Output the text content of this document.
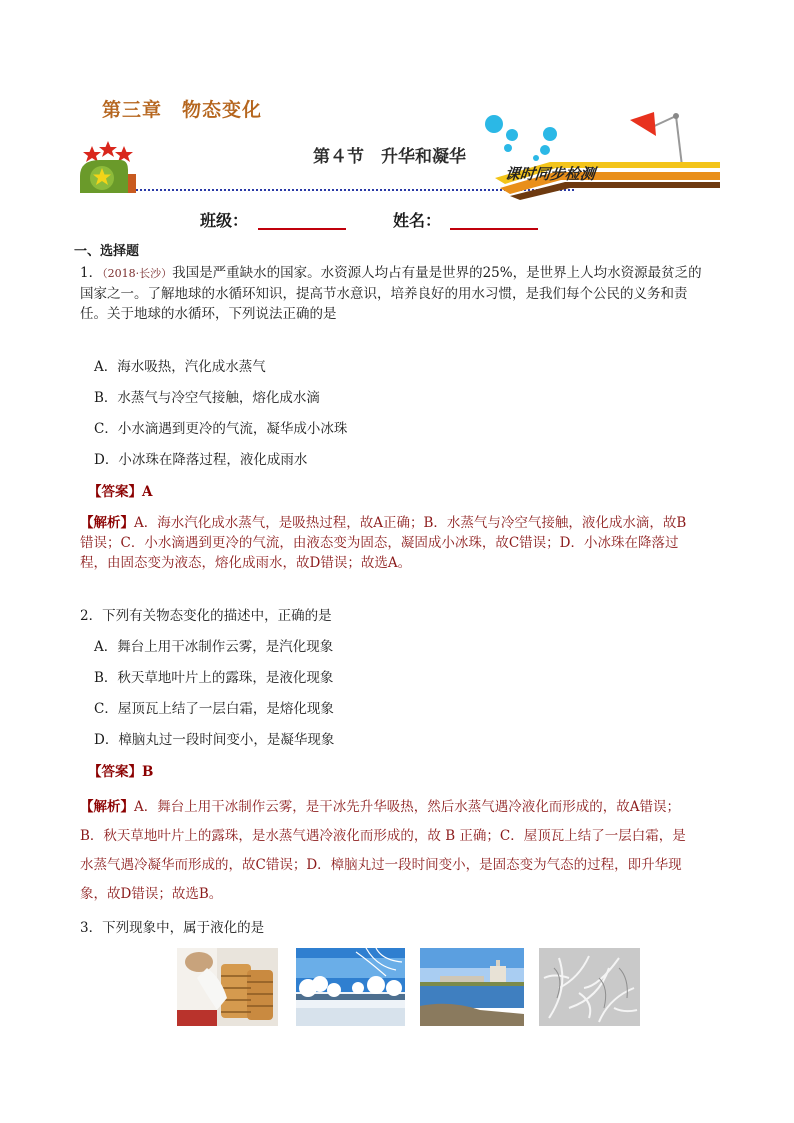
第三章　物态变化
第４节　升华和凝华
课时同步检测
班级：	姓名：
一、选择题
1．（2018·长沙）我国是严重缺水的国家。水资源人均占有量是世界的25%，是世界上人均水资源最贫乏的
国家之一。了解地球的水循环知识，提高节水意识，培养良好的用水习惯，是我们每个公民的义务和责
任。关于地球的水循环，下列说法正确的是
A．海水吸热，汽化成水蒸气
B．水蒸气与冷空气接触，熔化成水滴
C．小水滴遇到更冷的气流，凝华成小冰珠
D．小冰珠在降落过程，液化成雨水
【答案】A
【解析】A．海水汽化成水蒸气，是吸热过程，故A正确；B．水蒸气与冷空气接触，液化成水滴，故B
错误；C．小水滴遇到更冷的气流，由液态变为固态，凝固成小冰珠，故C错误；D．小冰珠在降落过
程，由固态变为液态，熔化成雨水，故D错误；故选A。
2．下列有关物态变化的描述中，正确的是
A．舞台上用干冰制作云雾，是汽化现象
B．秋天草地叶片上的露珠，是液化现象
C．屋顶瓦上结了一层白霜，是熔化现象
D．樟脑丸过一段时间变小，是凝华现象
【答案】B
【解析】A．舞台上用干冰制作云雾，是干冰先升华吸热，然后水蒸气遇冷液化而形成的，故A错误；
B．秋天草地叶片上的露珠，是水蒸气遇冷液化而形成的，故 B 正确；C．屋顶瓦上结了一层白霜，是
水蒸气遇冷凝华而形成的，故C错误；D．樟脑丸过一段时间变小，是固态变为气态的过程，即升华现
象，故D错误；故选B。
3．下列现象中，属于液化的是
